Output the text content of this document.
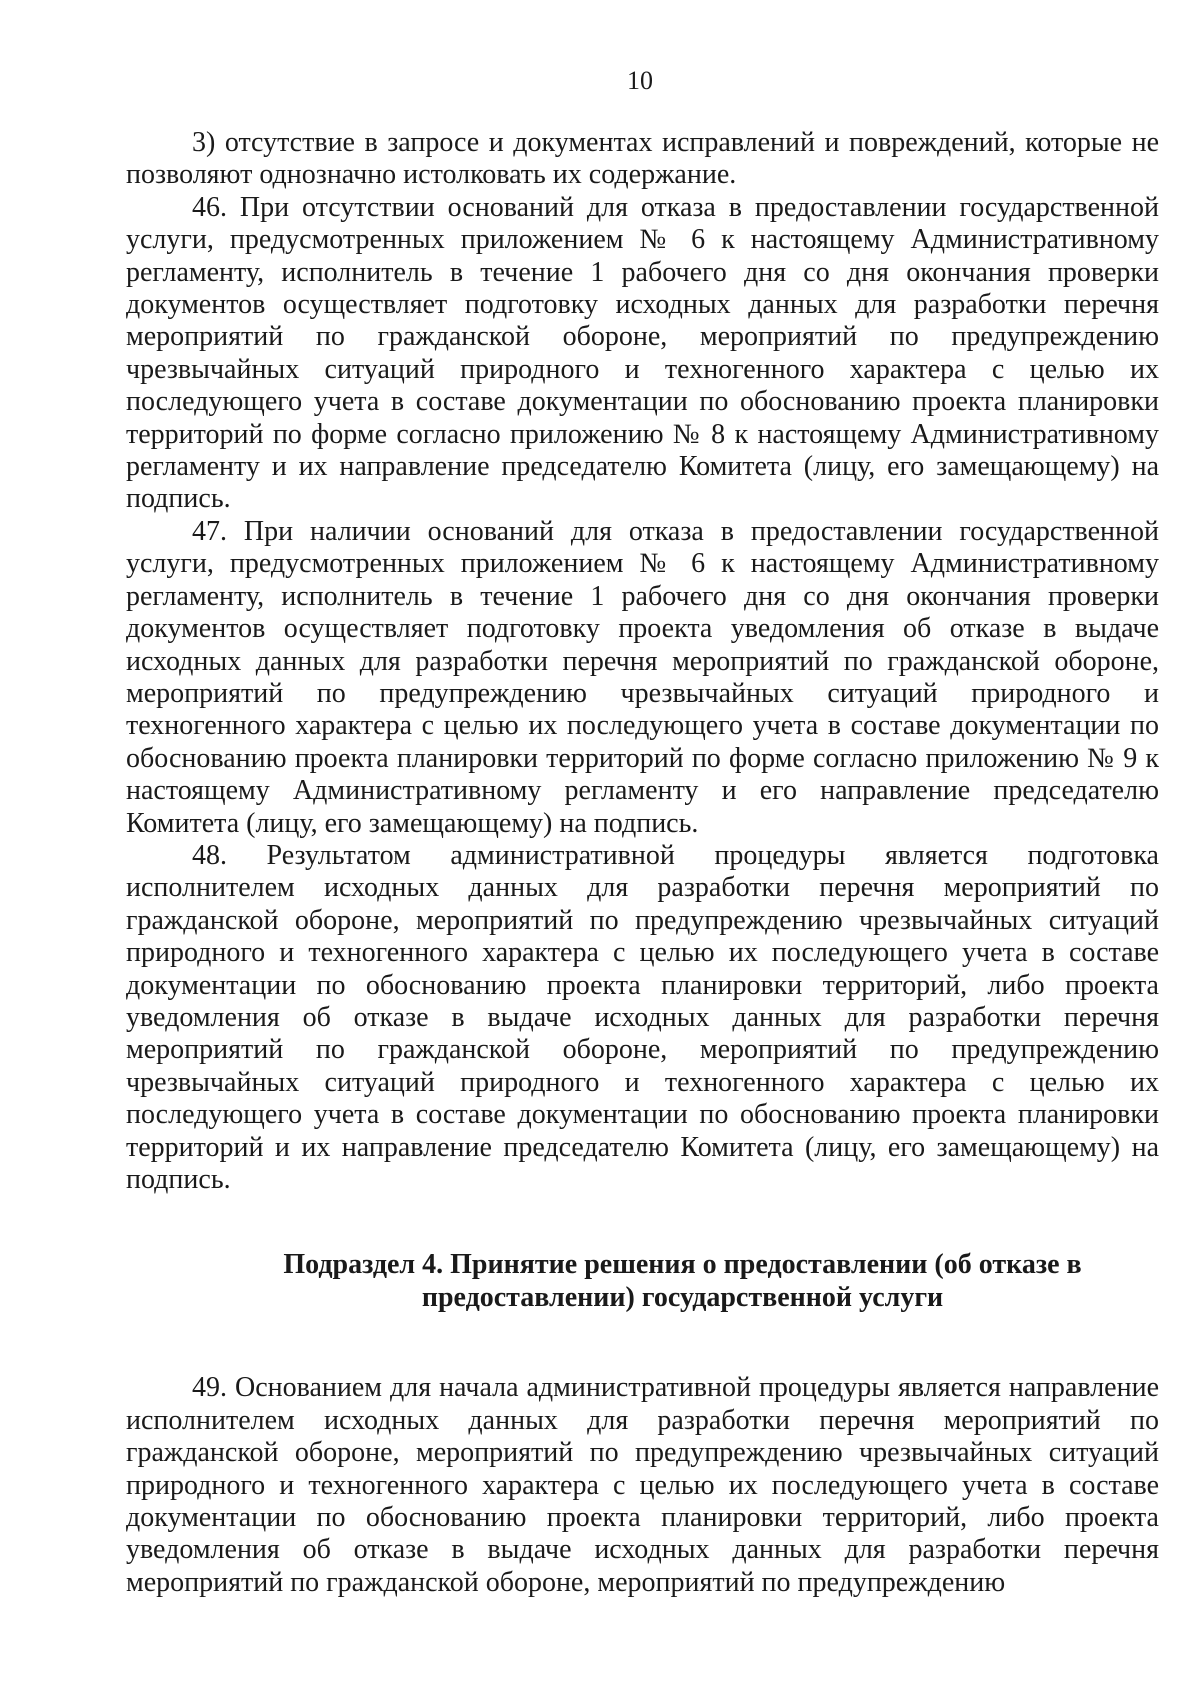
10

3) отсутствие в запросе и документах исправлений и повреждений, которые не позволяют однозначно истолковать их содержание.

46. При отсутствии оснований для отказа в предоставлении государственной услуги, предусмотренных приложением № 6 к настоящему Административному регламенту, исполнитель в течение 1 рабочего дня со дня окончания проверки документов осуществляет подготовку исходных данных для разработки перечня мероприятий по гражданской обороне, мероприятий по предупреждению чрезвычайных ситуаций природного и техногенного характера с целью их последующего учета в составе документации по обоснованию проекта планировки территорий по форме согласно приложению № 8 к настоящему Административному регламенту и их направление председателю Комитета (лицу, его замещающему) на подпись.

47. При наличии оснований для отказа в предоставлении государственной услуги, предусмотренных приложением № 6 к настоящему Административному регламенту, исполнитель в течение 1 рабочего дня со дня окончания проверки документов осуществляет подготовку проекта уведомления об отказе в выдаче исходных данных для разработки перечня мероприятий по гражданской обороне, мероприятий по предупреждению чрезвычайных ситуаций природного и техногенного характера с целью их последующего учета в составе документации по обоснованию проекта планировки территорий по форме согласно приложению № 9 к настоящему Административному регламенту и его направление председателю Комитета (лицу, его замещающему) на подпись.

48. Результатом административной процедуры является подготовка исполнителем исходных данных для разработки перечня мероприятий по гражданской обороне, мероприятий по предупреждению чрезвычайных ситуаций природного и техногенного характера с целью их последующего учета в составе документации по обоснованию проекта планировки территорий, либо проекта уведомления об отказе в выдаче исходных данных для разработки перечня мероприятий по гражданской обороне, мероприятий по предупреждению чрезвычайных ситуаций природного и техногенного характера с целью их последующего учета в составе документации по обоснованию проекта планировки территорий и их направление председателю Комитета (лицу, его замещающему) на подпись.

Подраздел 4. Принятие решения о предоставлении (об отказе в
предоставлении) государственной услуги

49. Основанием для начала административной процедуры является направление исполнителем исходных данных для разработки перечня мероприятий по гражданской обороне, мероприятий по предупреждению чрезвычайных ситуаций природного и техногенного характера с целью их последующего учета в составе документации по обоснованию проекта планировки территорий, либо проекта уведомления об отказе в выдаче исходных данных для разработки перечня мероприятий по гражданской обороне, мероприятий по предупреждению
